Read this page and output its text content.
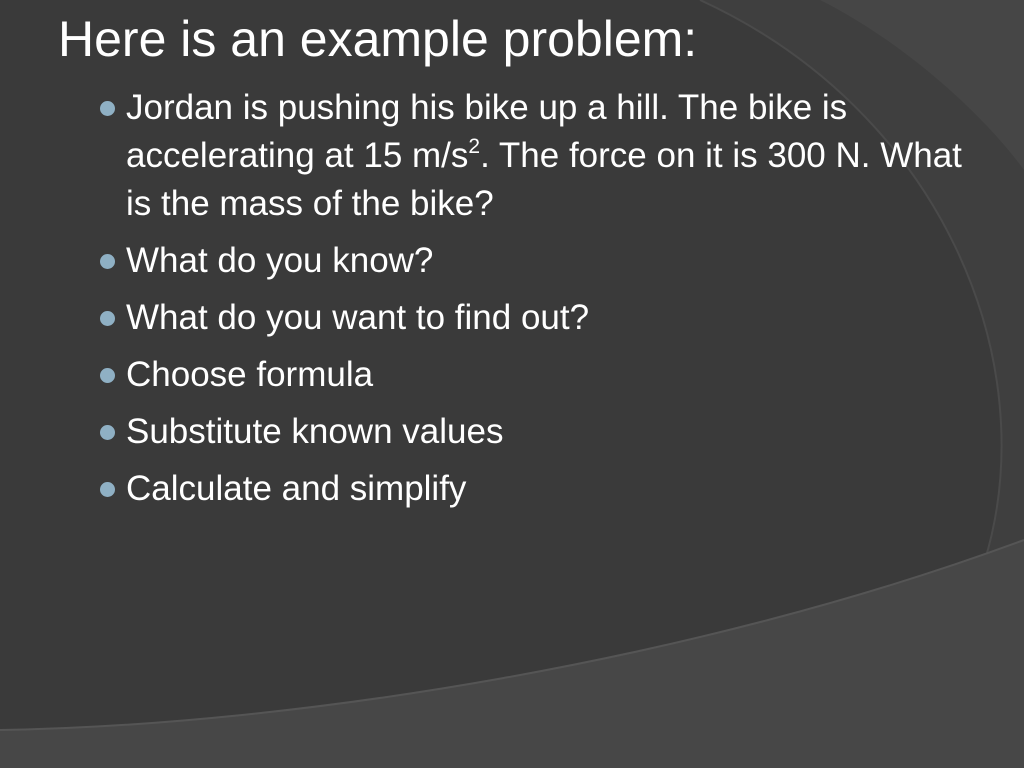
Here is an example problem:
Jordan is pushing his bike up a hill. The bike is accelerating at 15 $m/s^2$. The force on it is 300 N. What is the mass of the bike?
What do you know?
What do you want to find out?
Choose formula
Substitute known values
Calculate and simplify
